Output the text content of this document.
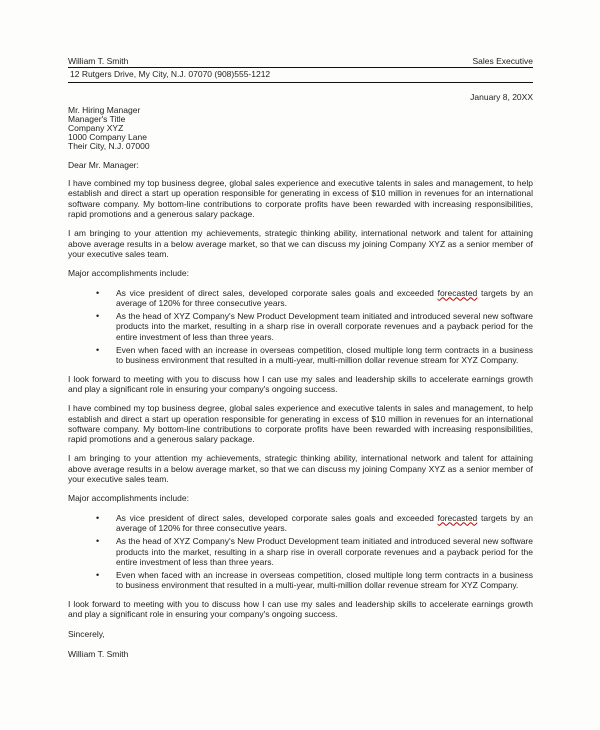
William T. Smith	Sales Executive
12 Rutgers Drive, My City, N.J. 07070 (908)555-1212
January 8, 20XX
Mr. Hiring Manager
Manager's Title
Company XYZ
1000 Company Lane
Their City, N.J. 07000
Dear Mr. Manager:

I have combined my top business degree, global sales experience and executive talents in sales and management, to help establish and direct a start up operation responsible for generating in excess of $10 million in revenues for an international software company. My bottom-line contributions to corporate profits have been rewarded with increasing responsibilities, rapid promotions and a generous salary package.

I am bringing to your attention my achievements, strategic thinking ability, international network and talent for attaining above average results in a below average market, so that we can discuss my joining Company XYZ as a senior member of your executive sales team.

Major accomplishments include:

•	As vice president of direct sales, developed corporate sales goals and exceeded forecasted targets by an average of 120% for three consecutive years.
•	As the head of XYZ Company's New Product Development team initiated and introduced several new software products into the market, resulting in a sharp rise in overall corporate revenues and a payback period for the entire investment of less than three years.
•	Even when faced with an increase in overseas competition, closed multiple long term contracts in a business to business environment that resulted in a multi-year, multi-million dollar revenue stream for XYZ Company.

I look forward to meeting with you to discuss how I can use my sales and leadership skills to accelerate earnings growth and play a significant role in ensuring your company's ongoing success.

I have combined my top business degree, global sales experience and executive talents in sales and management, to help establish and direct a start up operation responsible for generating in excess of $10 million in revenues for an international software company. My bottom-line contributions to corporate profits have been rewarded with increasing responsibilities, rapid promotions and a generous salary package.

I am bringing to your attention my achievements, strategic thinking ability, international network and talent for attaining above average results in a below average market, so that we can discuss my joining Company XYZ as a senior member of your executive sales team.

Major accomplishments include:

•	As vice president of direct sales, developed corporate sales goals and exceeded forecasted targets by an average of 120% for three consecutive years.
•	As the head of XYZ Company's New Product Development team initiated and introduced several new software products into the market, resulting in a sharp rise in overall corporate revenues and a payback period for the entire investment of less than three years.
•	Even when faced with an increase in overseas competition, closed multiple long term contracts in a business to business environment that resulted in a multi-year, multi-million dollar revenue stream for XYZ Company.

I look forward to meeting with you to discuss how I can use my sales and leadership skills to accelerate earnings growth and play a significant role in ensuring your company's ongoing success.

Sincerely,
William T. Smith
